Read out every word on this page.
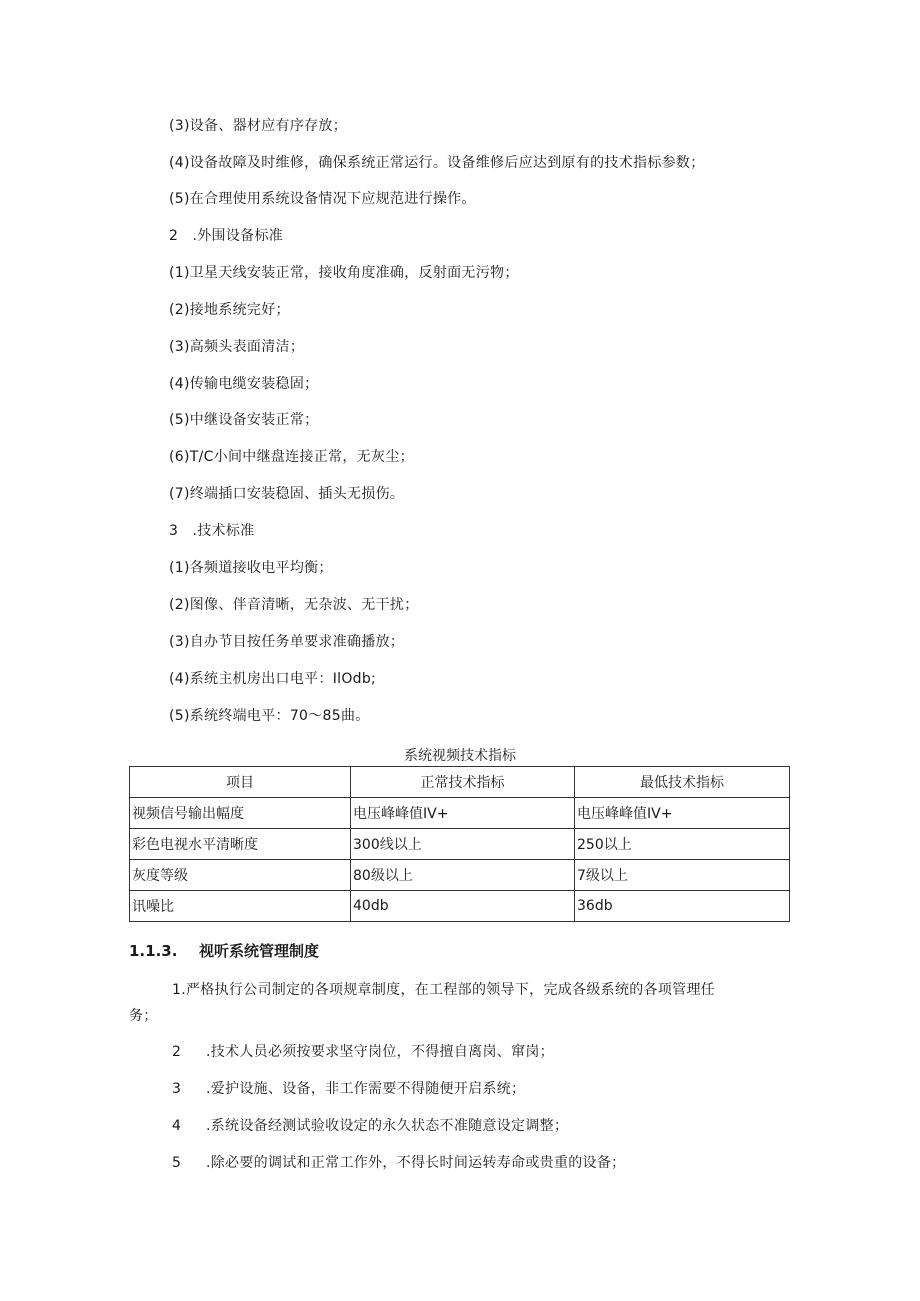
(3)设备、器材应有序存放；
(4)设备故障及时维修，确保系统正常运行。设备维修后应达到原有的技术指标参数；
(5)在合理使用系统设备情况下应规范进行操作。
2　.外围设备标准
(1)卫星天线安装正常，接收角度准确，反射面无污物；
(2)接地系统完好；
(3)高频头表面清洁；
(4)传输电缆安装稳固；
(5)中继设备安装正常；
(6)T/C小间中继盘连接正常，无灰尘；
(7)终端插口安装稳固、插头无损伤。
3　.技术标准
(1)各频道接收电平均衡；
(2)图像、伴音清晰，无杂波、无干扰；
(3)自办节目按任务单要求准确播放；
(4)系统主机房出口电平：IlOdb;
(5)系统终端电平：70～85曲。
系统视频技术指标
项目	正常技术指标	最低技术指标
视频信号输出幅度	电压峰峰值IV+	电压峰峰值IV+
彩色电视水平清晰度	300线以上	250以上
灰度等级	80级以上	7级以上
讯噪比	40db	36db
1.1.3. 视听系统管理制度
1.严格执行公司制定的各项规章制度，在工程部的领导下，完成各级系统的各项管理任
务；
2 .技术人员必须按要求坚守岗位，不得擅自离岗、窜岗；
3 .爱护设施、设备，非工作需要不得随便开启系统；
4 .系统设备经测试验收设定的永久状态不准随意设定调整；
5 .除必要的调试和正常工作外，不得长时间运转寿命或贵重的设备；
